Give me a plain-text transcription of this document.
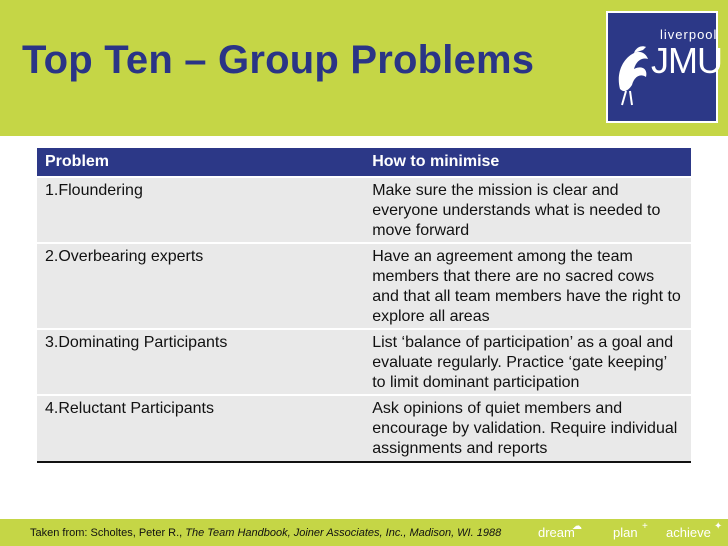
Top Ten – Group Problems
liverpool
JMU
Problem	How to minimise
1.Floundering	Make sure the mission is clear and everyone understands what is needed to move forward
2.Overbearing experts	Have an agreement among the team members that there are no sacred cows and that all team members have the right to explore all areas
3.Dominating Participants	List ‘balance of participation’ as a goal and evaluate regularly. Practice ‘gate keeping’ to limit dominant participation
4.Reluctant Participants	Ask opinions of quiet members and encourage by validation. Require individual assignments and reports
Taken from: Scholtes, Peter R., The Team Handbook, Joiner Associates, Inc., Madison, WI. 1988	dream
☁ plan + achieve ✦
